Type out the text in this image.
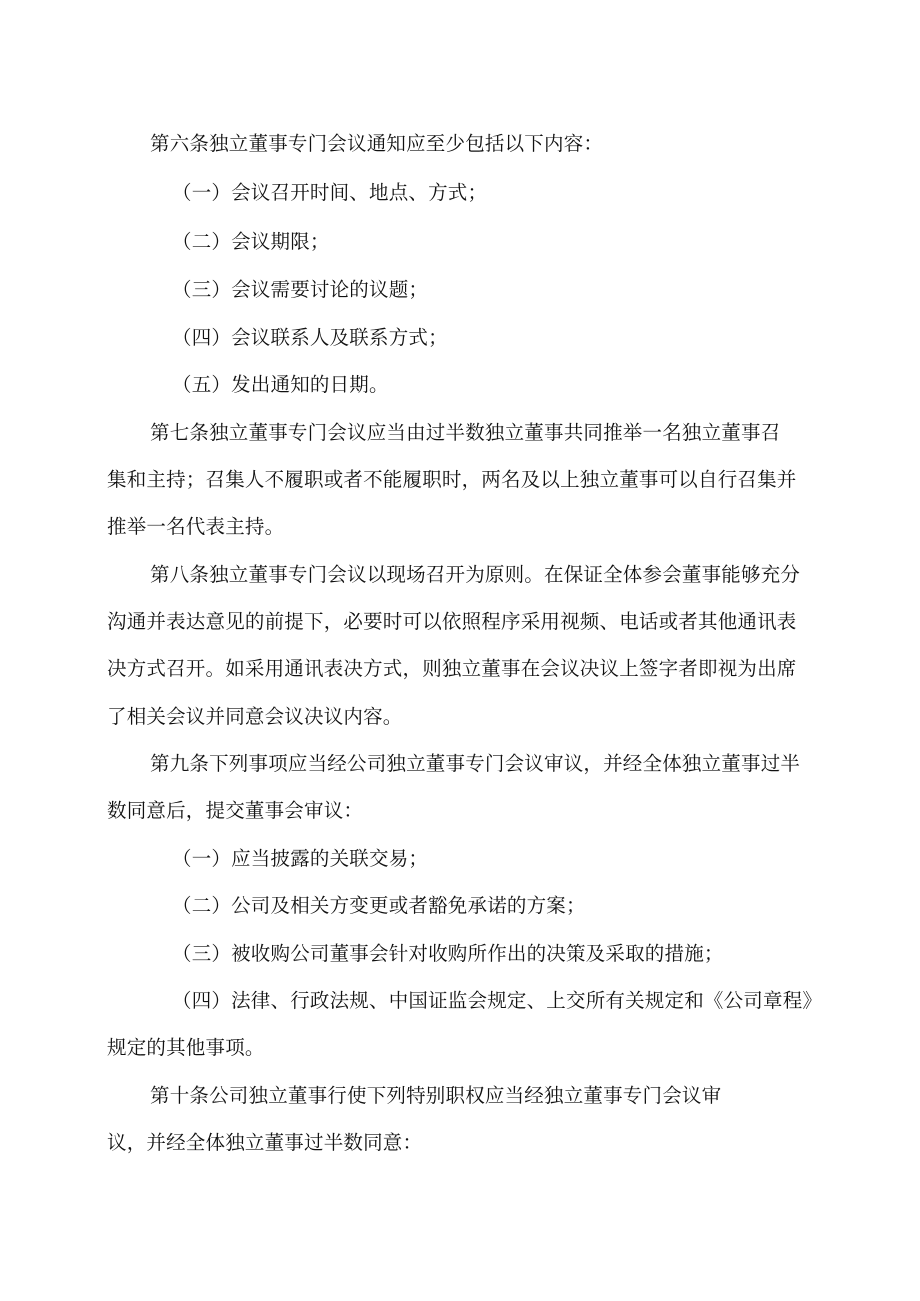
第六条独立董事专门会议通知应至少包括以下内容：
（一）会议召开时间、地点、方式；
（二）会议期限；
（三）会议需要讨论的议题；
（四）会议联系人及联系方式；
（五）发出通知的日期。
第七条独立董事专门会议应当由过半数独立董事共同推举一名独立董事召
集和主持；召集人不履职或者不能履职时，两名及以上独立董事可以自行召集并
推举一名代表主持。
第八条独立董事专门会议以现场召开为原则。在保证全体参会董事能够充分
沟通并表达意见的前提下，必要时可以依照程序采用视频、电话或者其他通讯表
决方式召开。如采用通讯表决方式，则独立董事在会议决议上签字者即视为出席
了相关会议并同意会议决议内容。
第九条下列事项应当经公司独立董事专门会议审议，并经全体独立董事过半
数同意后，提交董事会审议：
（一）应当披露的关联交易；
（二）公司及相关方变更或者豁免承诺的方案；
（三）被收购公司董事会针对收购所作出的决策及采取的措施；
（四）法律、行政法规、中国证监会规定、上交所有关规定和《公司章程》
规定的其他事项。
第十条公司独立董事行使下列特别职权应当经独立董事专门会议审
议，并经全体独立董事过半数同意：
